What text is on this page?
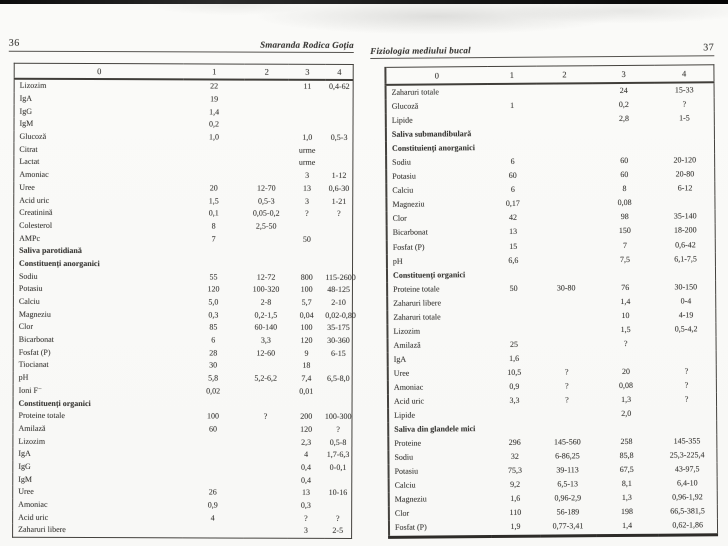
36	Smaranda Rodica Goția
0	1	2	3	4
Lizozim	22		11	0,4-62
IgA	19			
IgG	1,4			
IgM	0,2			
Glucoză	1,0		1,0	0,5-3
Citrat			urme	
Lactat			urme	
Amoniac			3	1-12
Uree	20	12-70	13	0,6-30
Acid uric	1,5	0,5-3	3	1-21
Creatinină	0,1	0,05-0,2	?	?
Colesterol	8	2,5-50		
AMPc	7		50	
Saliva parotidiană				
Constituenți anorganici				
Sodiu	55	12-72	800	115-2600
Potasiu	120	100-320	100	48-125
Calciu	5,0	2-8	5,7	2-10
Magneziu	0,3	0,2-1,5	0,04	0,02-0,80
Clor	85	60-140	100	35-175
Bicarbonat	6	3,3	120	30-360
Fosfat (P)	28	12-60	9	6-15
Tiocianat	30		18	
pH	5,8	5,2-6,2	7,4	6,5-8,0
Ioni F⁻	0,02		0,01	
Constituenți organici				
Proteine totale	100	?	200	100-300
Amilază	60		120	?
Lizozim			2,3	0,5-8
IgA			4	1,7-6,3
IgG			0,4	0-0,1
IgM			0,4	
Uree	26		13	10-16
Amoniac	0,9		0,3	
Acid uric	4		?	?
Zaharuri libere			3	2-5
Fiziologia mediului bucal	37
0	1	2	3	4
Zaharuri totale			24	15-33
Glucoză	1		0,2	?
Lipide			2,8	1-5
Saliva submandibulară				
Constituienți anorganici				
Sodiu	6		60	20-120
Potasiu	60		60	20-80
Calciu	6		8	6-12
Magneziu	0,17		0,08	
Clor	42		98	35-140
Bicarbonat	13		150	18-200
Fosfat (P)	15		7	0,6-42
pH	6,6		7,5	6,1-7,5
Constituenți organici				
Proteine totale	50	30-80	76	30-150
Zaharuri libere			1,4	0-4
Zaharuri totale			10	4-19
Lizozim			1,5	0,5-4,2
Amilază	25		?	
IgA	1,6			
Uree	10,5	?	20	?
Amoniac	0,9	?	0,08	?
Acid uric	3,3	?	1,3	?
Lipide			2,0	
Saliva din glandele mici				
Proteine	296	145-560	258	145-355
Sodiu	32	6-86,25	85,8	25,3-225,4
Potasiu	75,3	39-113	67,5	43-97,5
Calciu	9,2	6,5-13	8,1	6,4-10
Magneziu	1,6	0,96-2,9	1,3	0,96-1,92
Clor	110	56-189	198	66,5-381,5
Fosfat (P)	1,9	0,77-3,41	1,4	0,62-1,86
